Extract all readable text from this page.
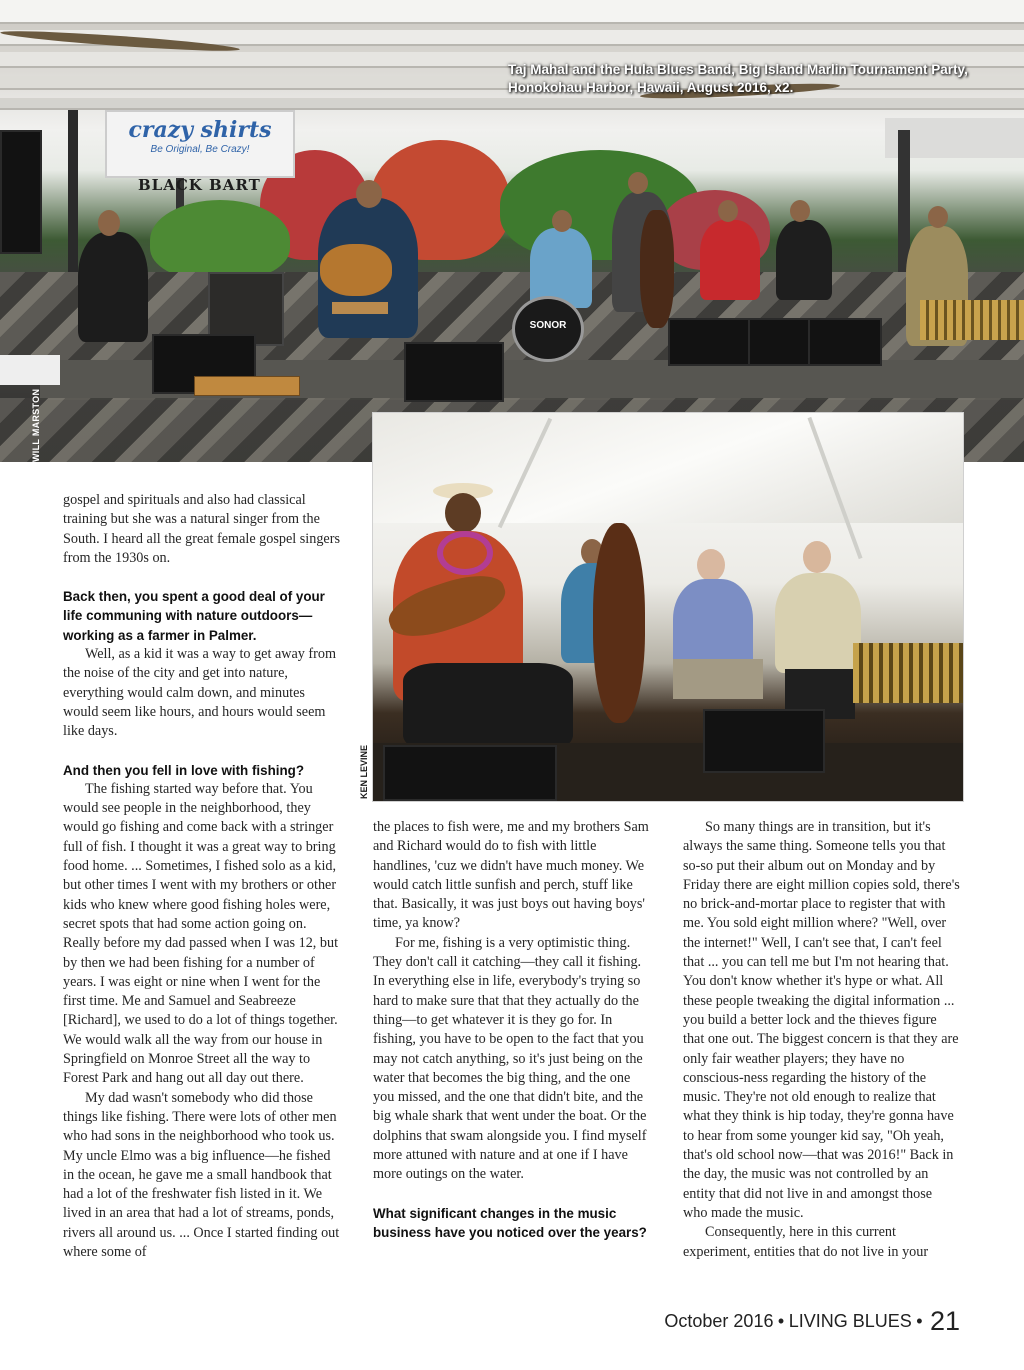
crazy shirts
Be Original, Be Crazy!
BLACK BART
SONOR
Taj Mahal and the Hula Blues Band, Big Island Marlin Tournament Party, Honokohau Harbor, Hawaii, August 2016, x2.
WILL MARSTON
KEN LEVINE

gospel and spirituals and also had classical training but she was a natural singer from the South. I heard all the great female gospel singers from the 1930s on.

Back then, you spent a good deal of your life communing with nature outdoors—working as a farmer in Palmer.

Well, as a kid it was a way to get away from the noise of the city and get into nature, everything would calm down, and minutes would seem like hours, and hours would seem like days.

And then you fell in love with fishing?

The fishing started way before that. You would see people in the neighborhood, they would go fishing and come back with a stringer full of fish. I thought it was a great way to bring food home. ... Sometimes, I fished solo as a kid, but other times I went with my brothers or other kids who knew where good fishing holes were, secret spots that had some action going on. Really before my dad passed when I was 12, but by then we had been fishing for a number of years. I was eight or nine when I went for the first time. Me and Samuel and Seabreeze [Richard], we used to do a lot of things together. We would walk all the way from our house in Springfield on Monroe Street all the way to Forest Park and hang out all day out there.

My dad wasn't somebody who did those things like fishing. There were lots of other men who had sons in the neighborhood who took us. My uncle Elmo was a big influence—he fished in the ocean, he gave me a small handbook that had a lot of the freshwater fish listed in it. We lived in an area that had a lot of streams, ponds, rivers all around us. ... Once I started finding out where some of

the places to fish were, me and my brothers Sam and Richard would do to fish with little handlines, 'cuz we didn't have much money. We would catch little sunfish and perch, stuff like that. Basically, it was just boys out having boys' time, ya know?

For me, fishing is a very optimistic thing. They don't call it catching—they call it fishing. In everything else in life, everybody's trying so hard to make sure that that they actually do the thing—to get whatever it is they go for. In fishing, you have to be open to the fact that you may not catch anything, so it's just being on the water that becomes the big thing, and the one you missed, and the one that didn't bite, and the big whale shark that went under the boat. Or the dolphins that swam alongside you. I find myself more attuned with nature and at one if I have more outings on the water.

What significant changes in the music business have you noticed over the years?

So many things are in transition, but it's always the same thing. Someone tells you that so-so put their album out on Monday and by Friday there are eight million copies sold, there's no brick-and-mortar place to register that with me. You sold eight million where? "Well, over the internet!" Well, I can't see that, I can't feel that ... you can tell me but I'm not hearing that. You don't know whether it's hype or what. All these people tweaking the digital information ... you build a better lock and the thieves figure that one out. The biggest concern is that they are only fair weather players; they have no conscious-ness regarding the history of the music. They're not old enough to realize that what they think is hip today, they're gonna have to hear from some younger kid say, "Oh yeah, that's old school now—that was 2016!" Back in the day, the music was not controlled by an entity that did not live in and amongst those who made the music.

Consequently, here in this current experiment, entities that do not live in your

October 2016 • LIVING BLUES • 21
